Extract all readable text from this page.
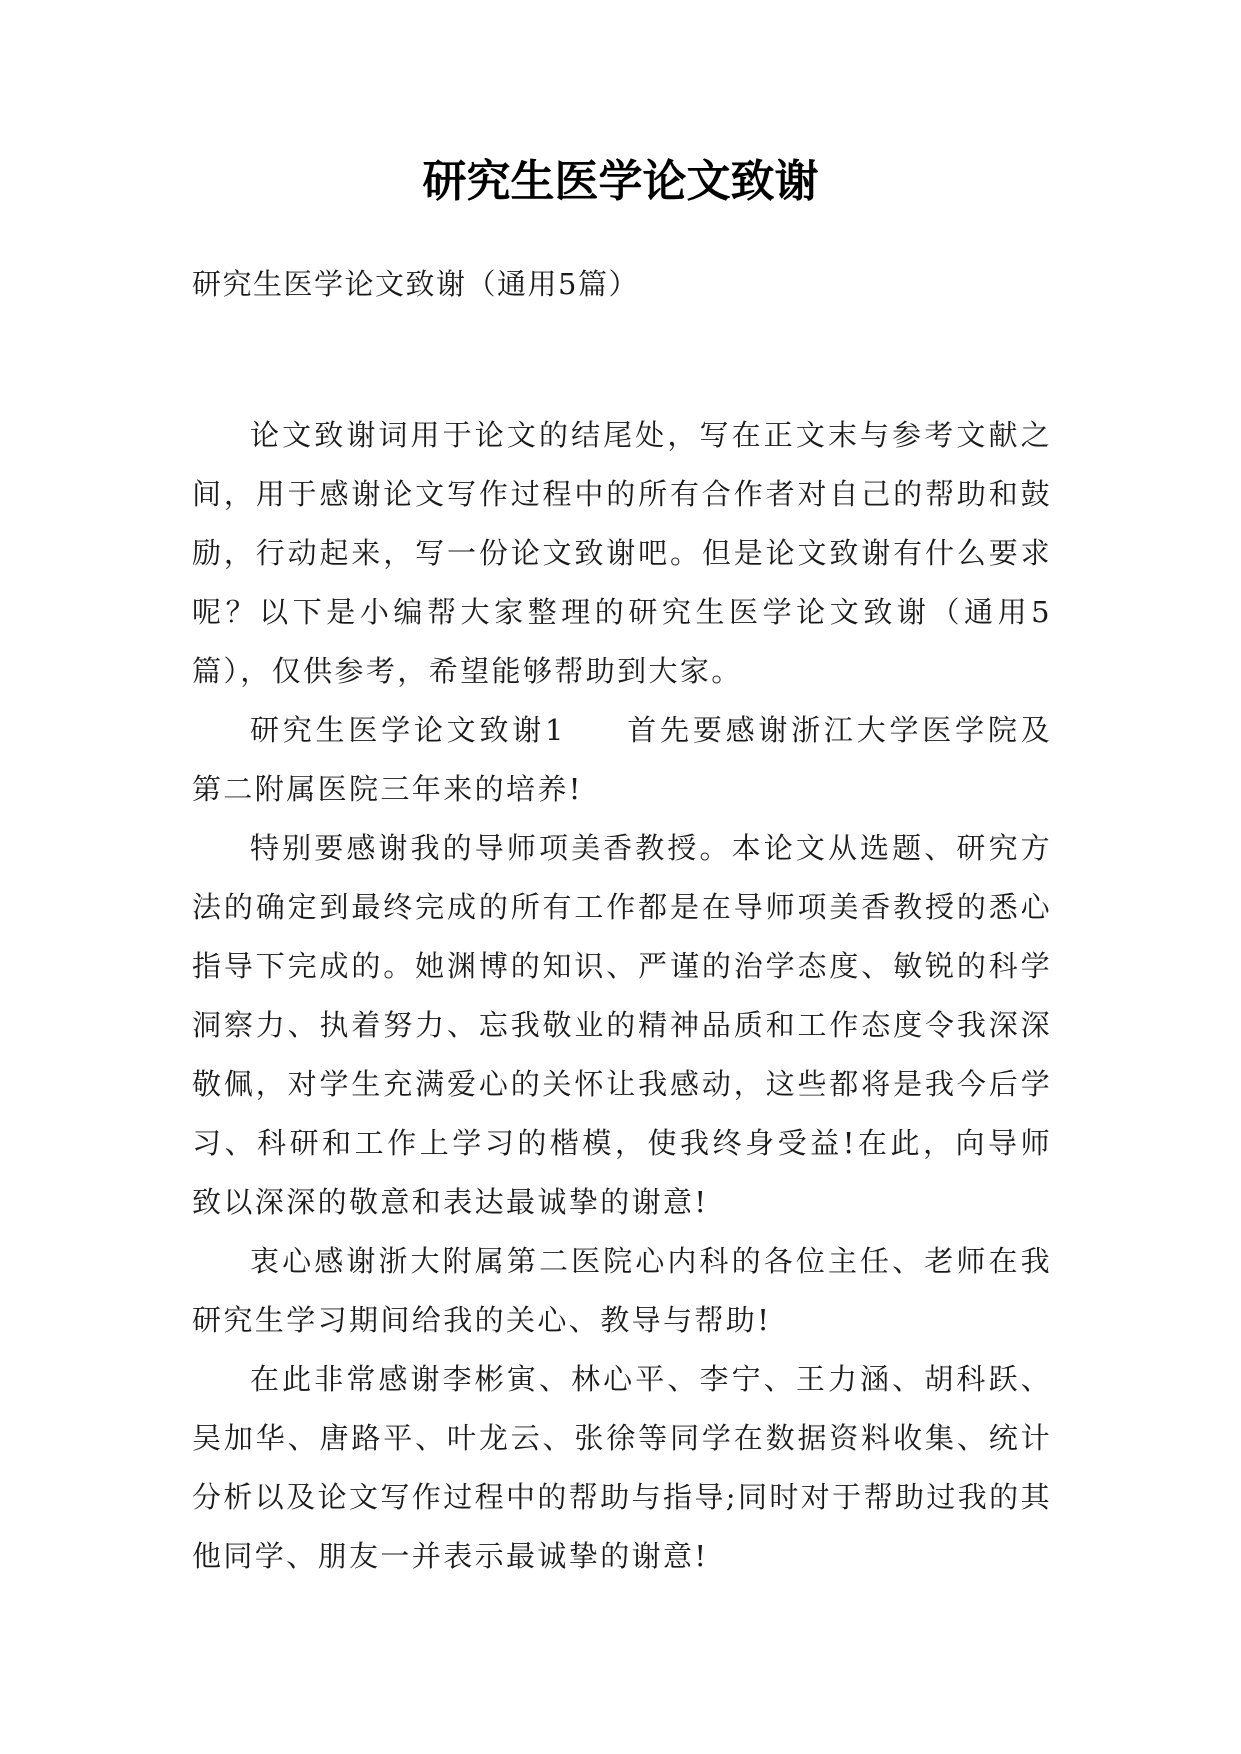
研究生医学论文致谢
研究生医学论文致谢（通用5篇）

论文致谢词用于论文的结尾处，写在正文末与参考文献之间，用于感谢论文写作过程中的所有合作者对自己的帮助和鼓励，行动起来，写一份论文致谢吧。但是论文致谢有什么要求呢？以下是小编帮大家整理的研究生医学论文致谢（通用5篇），仅供参考，希望能够帮助到大家。

研究生医学论文致谢1 首先要感谢浙江大学医学院及第二附属医院三年来的培养!

特别要感谢我的导师项美香教授。本论文从选题、研究方法的确定到最终完成的所有工作都是在导师项美香教授的悉心指导下完成的。她渊博的知识、严谨的治学态度、敏锐的科学洞察力、执着努力、忘我敬业的精神品质和工作态度令我深深敬佩，对学生充满爱心的关怀让我感动，这些都将是我今后学习、科研和工作上学习的楷模，使我终身受益!在此，向导师致以深深的敬意和表达最诚挚的谢意!

衷心感谢浙大附属第二医院心内科的各位主任、老师在我研究生学习期间给我的关心、教导与帮助!

在此非常感谢李彬寅、林心平、李宁、王力涵、胡科跃、吴加华、唐路平、叶龙云、张徐等同学在数据资料收集、统计分析以及论文写作过程中的帮助与指导;同时对于帮助过我的其他同学、朋友一并表示最诚挚的谢意!
